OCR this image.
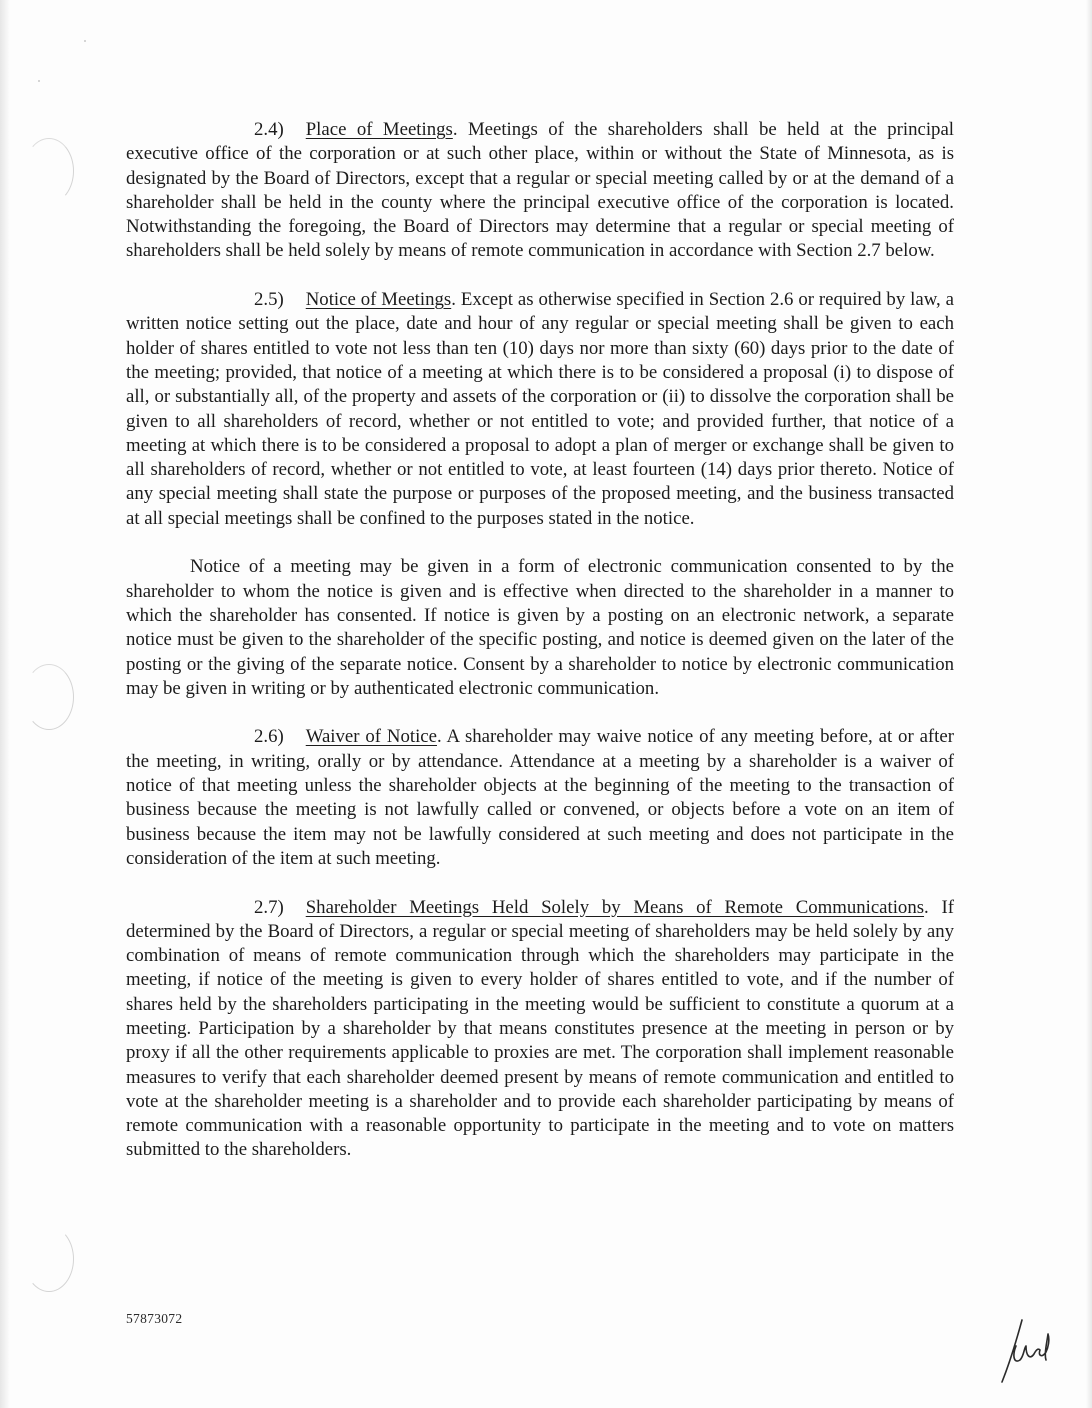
2.4) Place of Meetings. Meetings of the shareholders shall be held at the principal executive office of the corporation or at such other place, within or without the State of Minnesota, as is designated by the Board of Directors, except that a regular or special meeting called by or at the demand of a shareholder shall be held in the county where the principal executive office of the corporation is located. Notwithstanding the foregoing, the Board of Directors may determine that a regular or special meeting of shareholders shall be held solely by means of remote communication in accordance with Section 2.7 below.

2.5) Notice of Meetings. Except as otherwise specified in Section 2.6 or required by law, a written notice setting out the place, date and hour of any regular or special meeting shall be given to each holder of shares entitled to vote not less than ten (10) days nor more than sixty (60) days prior to the date of the meeting; provided, that notice of a meeting at which there is to be considered a proposal (i) to dispose of all, or substantially all, of the property and assets of the corporation or (ii) to dissolve the corporation shall be given to all shareholders of record, whether or not entitled to vote; and provided further, that notice of a meeting at which there is to be considered a proposal to adopt a plan of merger or exchange shall be given to all shareholders of record, whether or not entitled to vote, at least fourteen (14) days prior thereto. Notice of any special meeting shall state the purpose or purposes of the proposed meeting, and the business transacted at all special meetings shall be confined to the purposes stated in the notice.

Notice of a meeting may be given in a form of electronic communication consented to by the shareholder to whom the notice is given and is effective when directed to the shareholder in a manner to which the shareholder has consented. If notice is given by a posting on an electronic network, a separate notice must be given to the shareholder of the specific posting, and notice is deemed given on the later of the posting or the giving of the separate notice. Consent by a shareholder to notice by electronic communication may be given in writing or by authenticated electronic communication.

2.6) Waiver of Notice. A shareholder may waive notice of any meeting before, at or after the meeting, in writing, orally or by attendance. Attendance at a meeting by a shareholder is a waiver of notice of that meeting unless the shareholder objects at the beginning of the meeting to the transaction of business because the meeting is not lawfully called or convened, or objects before a vote on an item of business because the item may not be lawfully considered at such meeting and does not participate in the consideration of the item at such meeting.

2.7) Shareholder Meetings Held Solely by Means of Remote Communications. If determined by the Board of Directors, a regular or special meeting of shareholders may be held solely by any combination of means of remote communication through which the shareholders may participate in the meeting, if notice of the meeting is given to every holder of shares entitled to vote, and if the number of shares held by the shareholders participating in the meeting would be sufficient to constitute a quorum at a meeting. Participation by a shareholder by that means constitutes presence at the meeting in person or by proxy if all the other requirements applicable to proxies are met. The corporation shall implement reasonable measures to verify that each shareholder deemed present by means of remote communication and entitled to vote at the shareholder meeting is a shareholder and to provide each shareholder participating by means of remote communication with a reasonable opportunity to participate in the meeting and to vote on matters submitted to the shareholders.

57873072
